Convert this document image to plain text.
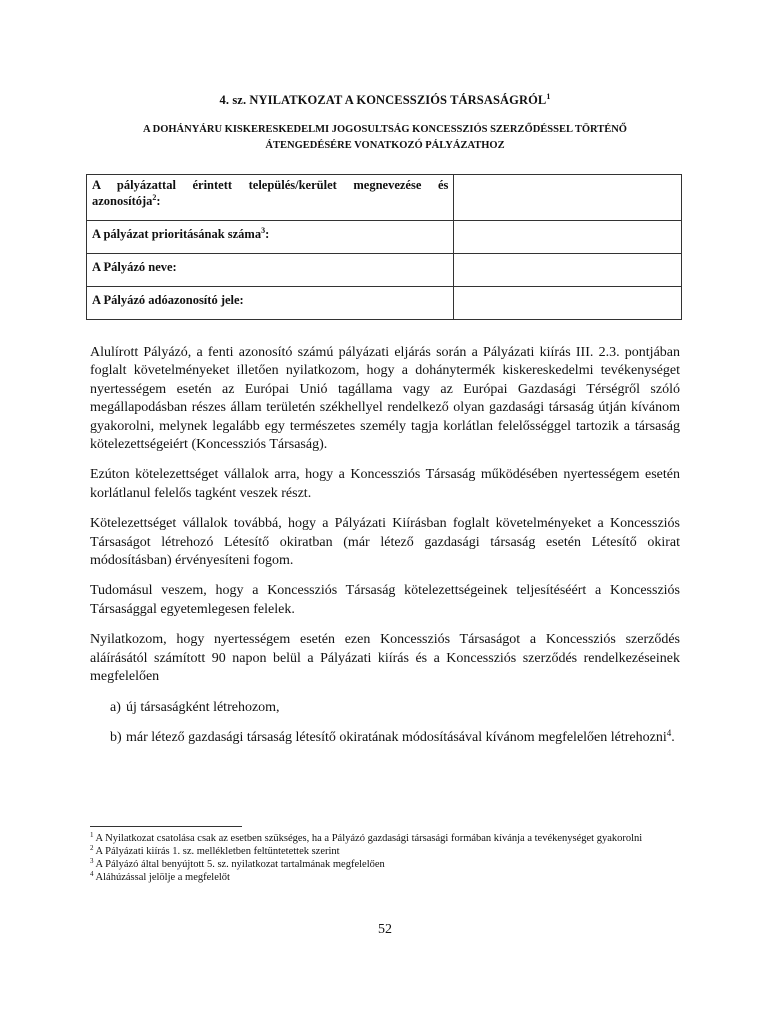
4. sz. NYILATKOZAT A KONCESSZIÓS TÁRSASÁGRÓL$^1$
A DOHÁNYÁRU KISKERESKEDELMI JOGOSULTSÁG KONCESSZIÓS SZERZŐDÉSSEL TÖRTÉNŐ
ÁTENGEDÉSÉRE VONATKOZÓ PÁLYÁZATHOZ
A pályázattal érintett település/kerület megnevezése és azonosítója$^2$:	
A pályázat prioritásának száma$^3$:	
A Pályázó neve:	
A Pályázó adóazonosító jele:	

Alulírott Pályázó, a fenti azonosító számú pályázati eljárás során a Pályázati kiírás III. 2.3. pontjában foglalt követelményeket illetően nyilatkozom, hogy a dohánytermék kiskereskedelmi tevékenységet nyertességem esetén az Európai Unió tagállama vagy az Európai Gazdasági Térségről szóló megállapodásban részes állam területén székhellyel rendelkező olyan gazdasági társaság útján kívánom gyakorolni, melynek legalább egy természetes személy tagja korlátlan felelősséggel tartozik a társaság kötelezettségeiért (Koncessziós Társaság).

Ezúton kötelezettséget vállalok arra, hogy a Koncessziós Társaság működésében nyertességem esetén korlátlanul felelős tagként veszek részt.

Kötelezettséget vállalok továbbá, hogy a Pályázati Kiírásban foglalt követelményeket a Koncessziós Társaságot létrehozó Létesítő okiratban (már létező gazdasági társaság esetén Létesítő okirat módosításban) érvényesíteni fogom.

Tudomásul veszem, hogy a Koncessziós Társaság kötelezettségeinek teljesítéséért a Koncessziós Társasággal egyetemlegesen felelek.

Nyilatkozom, hogy nyertességem esetén ezen Koncessziós Társaságot a Koncessziós szerződés aláírásától számított 90 napon belül a Pályázati kiírás és a Koncessziós szerződés rendelkezéseinek megfelelően

a) új társaságként létrehozom,
b) már létező gazdasági társaság létesítő okiratának módosításával kívánom megfelelően létrehozni$^4$.
$^1$ A Nyilatkozat csatolása csak az esetben szükséges, ha a Pályázó gazdasági társasági formában kívánja a tevékenységet gyakorolni
$^2$ A Pályázati kiírás 1. sz. mellékletben feltüntetettek szerint
$^3$ A Pályázó által benyújtott 5. sz. nyilatkozat tartalmának megfelelően
$^4$ Aláhúzással jelölje a megfelelőt
52
